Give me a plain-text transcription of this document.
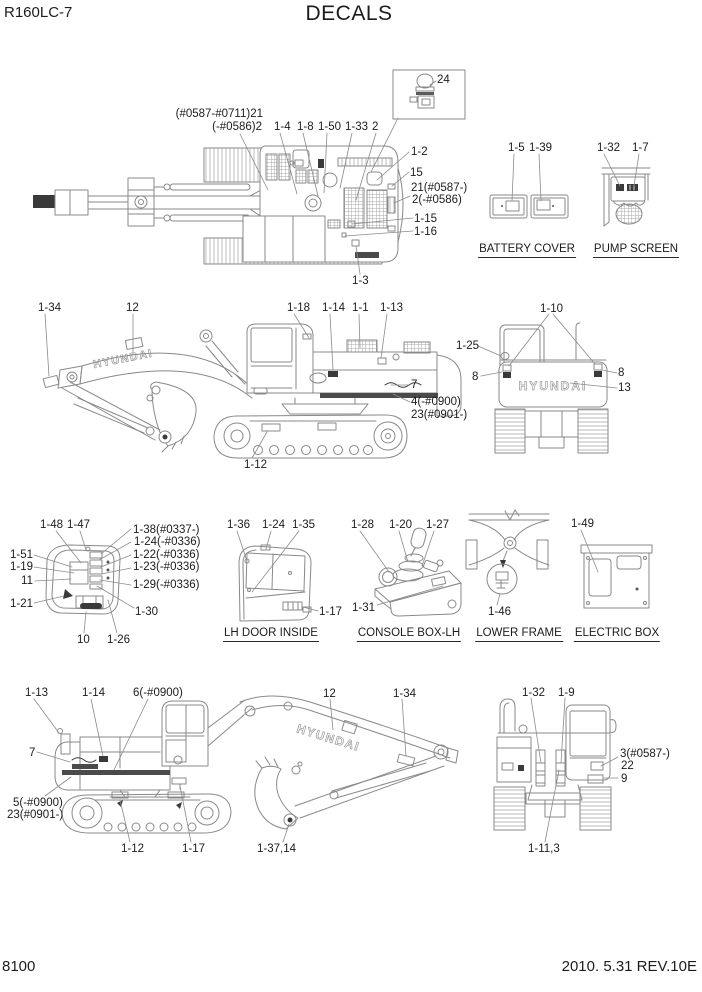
R160LC-7	DECALS
8100	2010. 5.31 REV.10E
HYUNDAI
HYUNDAI
HYUNDAI
(#0587-#0711)21
(-#0586)2 1-4 1-8 1-50 1-33 2
24
1-2
15
21(#0587-)
2(-#0586)
1-15
1-16
1-3
1-5 1-39
BATTERY COVER
1-32 1-7
PUMP SCREEN
1-34	12	1-18 1-14 1-1 1-13
7
4(-#0900)
23(#0901-)
1-12
1-10
1-25
8	8
13
1-48 1-47
1-51
1-19
11
1-21
10 1-26
1-38(#0337-)
1-24(-#0336)
1-22(-#0336)
1-23(-#0336)
1-29(-#0336)
1-30
1-36 1-24 1-35
1-17
LH DOOR INSIDE
1-28 1-20 1-27
1-31
CONSOLE BOX-LH
1-46
LOWER FRAME
1-49
ELECTRIC BOX
1-13	1-14 6(-#0900)
7
5(-#0900)
23(#0901-)
1-12	1-17
12	1-34
1-37,14
1-32 1-9
3(#0587-)
22
9
1-11,3
